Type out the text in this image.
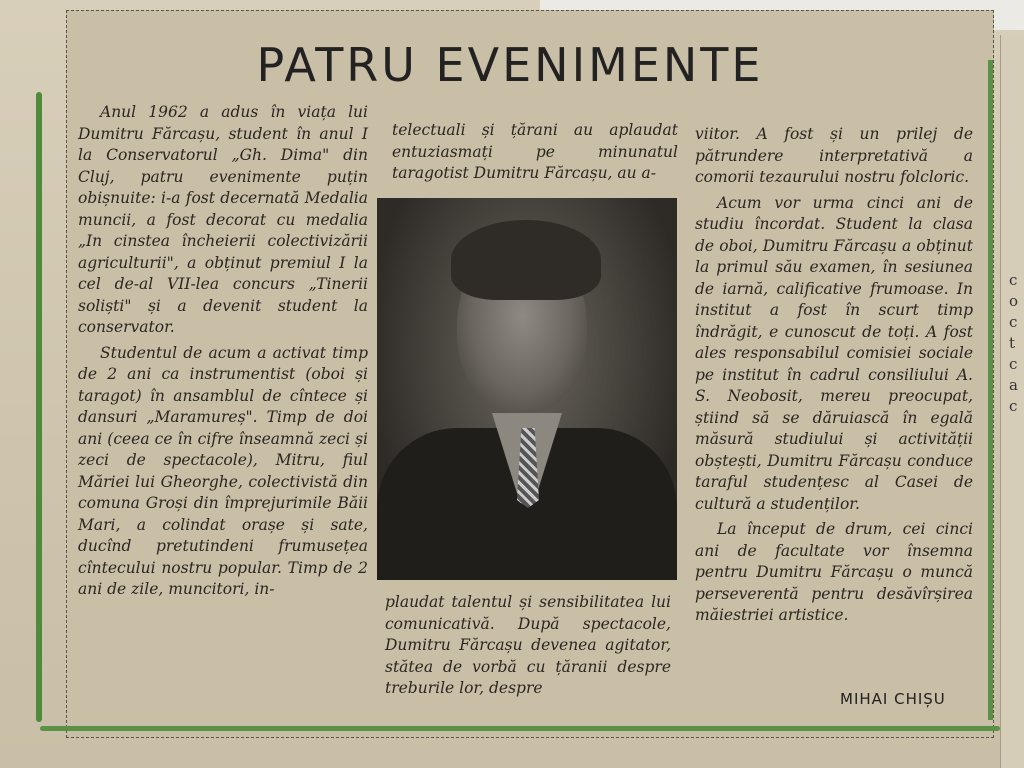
c
o
c
t
c
a
c
PATRU EVENIMENTE

Anul 1962 a adus în viața lui Dumitru Fărcașu, student în anul I la Conservatorul „Gh. Dima" din Cluj, patru evenimente puțin obișnuite: i-a fost decernată Medalia muncii, a fost decorat cu medalia „In cinstea încheierii colectivizării agriculturii", a obținut premiul I la cel de-al VII-lea concurs „Tinerii soliști" și a devenit student la conservator.

Studentul de acum a activat timp de 2 ani ca instrumentist (oboi și taragot) în ansamblul de cîntece și dansuri „Maramureș". Timp de doi ani (ceea ce în cifre înseamnă zeci și zeci de spectacole), Mitru, fiul Măriei lui Gheorghe, colectivistă din comuna Groși din împrejurimile Băii Mari, a colindat orașe și sate, ducînd pretutindeni frumusețea cîntecului nostru popular. Timp de 2 ani de zile, muncitori, in-

telectuali și țărani au aplaudat entuziasmați pe minunatul taragotist Dumitru Fărcașu, au a-

plaudat talentul și sensibilitatea lui comunicativă. După spectacole, Dumitru Fărcașu devenea agitator, stătea de vorbă cu țăranii despre treburile lor, despre

viitor. A fost și un prilej de pătrundere interpretativă a comorii tezaurului nostru folcloric.

Acum vor urma cinci ani de studiu încordat. Student la clasa de oboi, Dumitru Fărcașu a obținut la primul său examen, în sesiunea de iarnă, calificative frumoase. In institut a fost în scurt timp îndrăgit, e cunoscut de toți. A fost ales responsabilul comisiei sociale pe institut în cadrul consiliului A. S. Neobosit, mereu preocupat, știind să se dăruiască în egală măsură studiului și activității obștești, Dumitru Fărcașu conduce taraful studențesc al Casei de cultură a studenților.

La început de drum, cei cinci ani de facultate vor însemna pentru Dumitru Fărcașu o muncă perseverentă pentru desăvîrșirea măiestriei artistice.

MIHAI CHIȘU
